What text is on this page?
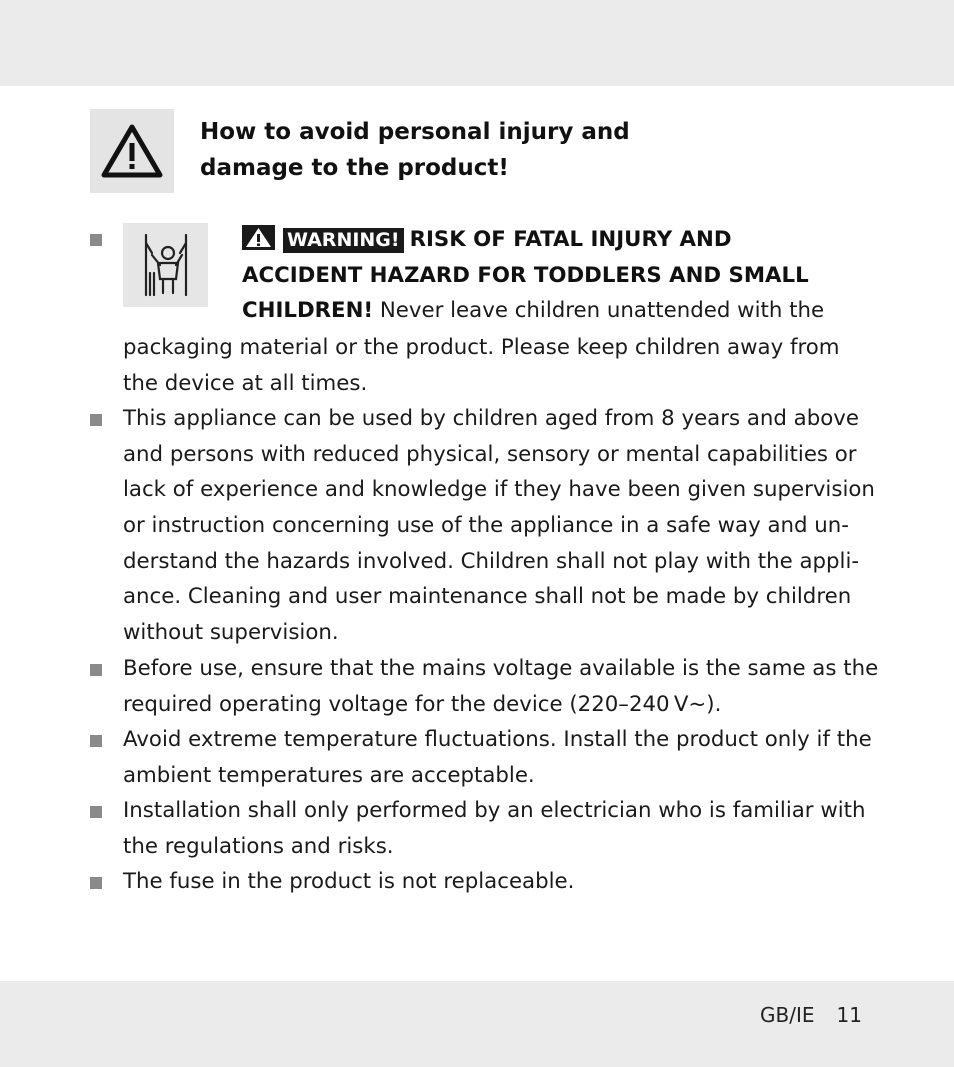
How to avoid personal injury and
damage to the product!
WARNING! RISK OF FATAL INJURY AND
ACCIDENT HAZARD FOR TODDLERS AND SMALL
CHILDREN! Never leave children unattended with the
packaging material or the product. Please keep children away from
the device at all times.
This appliance can be used by children aged from 8 years and above
and persons with reduced physical, sensory or mental capabilities or
lack of experience and knowledge if they have been given supervision
or instruction concerning use of the appliance in a safe way and un-
derstand the hazards involved. Children shall not play with the appli-
ance. Cleaning and user maintenance shall not be made by children
without supervision.
Before use, ensure that the mains voltage available is the same as the
required operating voltage for the device (220–240 V~).
Avoid extreme temperature fluctuations. Install the product only if the
ambient temperatures are acceptable.
Installation shall only performed by an electrician who is familiar with
the regulations and risks.
The fuse in the product is not replaceable.
GB/IE 11
